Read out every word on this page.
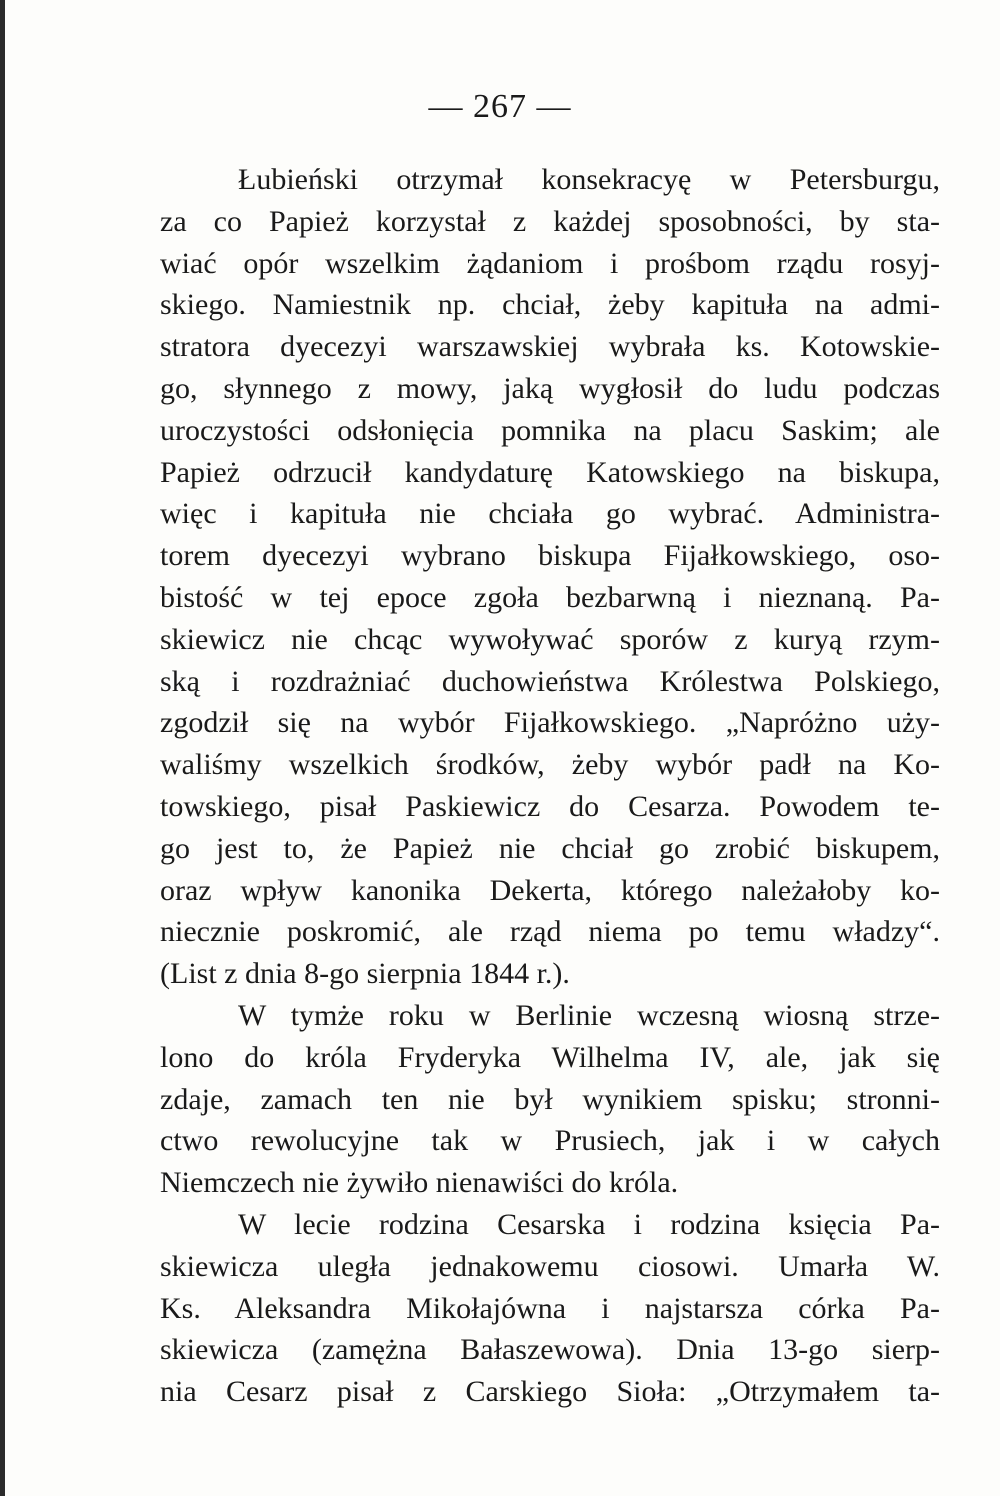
— 267 —
Łubieński otrzymał konsekracyę w Petersburgu,
za co Papież korzystał z każdej sposobności, by sta-
wiać opór wszelkim żądaniom i prośbom rządu rosyj-
skiego. Namiestnik np. chciał, żeby kapituła na admi-
stratora dyecezyi warszawskiej wybrała ks. Kotowskie-
go, słynnego z mowy, jaką wygłosił do ludu podczas
uroczystości odsłonięcia pomnika na placu Saskim; ale
Papież odrzucił kandydaturę Katowskiego na biskupa,
więc i kapituła nie chciała go wybrać. Administra-
torem dyecezyi wybrano biskupa Fijałkowskiego, oso-
bistość w tej epoce zgoła bezbarwną i nieznaną. Pa-
skiewicz nie chcąc wywoływać sporów z kuryą rzym-
ską i rozdrażniać duchowieństwa Królestwa Polskiego,
zgodził się na wybór Fijałkowskiego. „Napróżno uży-
waliśmy wszelkich środków, żeby wybór padł na Ko-
towskiego, pisał Paskiewicz do Cesarza. Powodem te-
go jest to, że Papież nie chciał go zrobić biskupem,
oraz wpływ kanonika Dekerta, którego należałoby ko-
niecznie poskromić, ale rząd niema po temu władzy“.
(List z dnia 8-go sierpnia 1844 r.).
W tymże roku w Berlinie wczesną wiosną strze-
lono do króla Fryderyka Wilhelma IV, ale, jak się
zdaje, zamach ten nie był wynikiem spisku; stronni-
ctwo rewolucyjne tak w Prusiech, jak i w całych
Niemczech nie żywiło nienawiści do króla.
W lecie rodzina Cesarska i rodzina księcia Pa-
skiewicza uległa jednakowemu ciosowi. Umarła W.
Ks. Aleksandra Mikołajówna i najstarsza córka Pa-
skiewicza (zamężna Bałaszewowa). Dnia 13-go sierp-
nia Cesarz pisał z Carskiego Sioła: „Otrzymałem ta-
